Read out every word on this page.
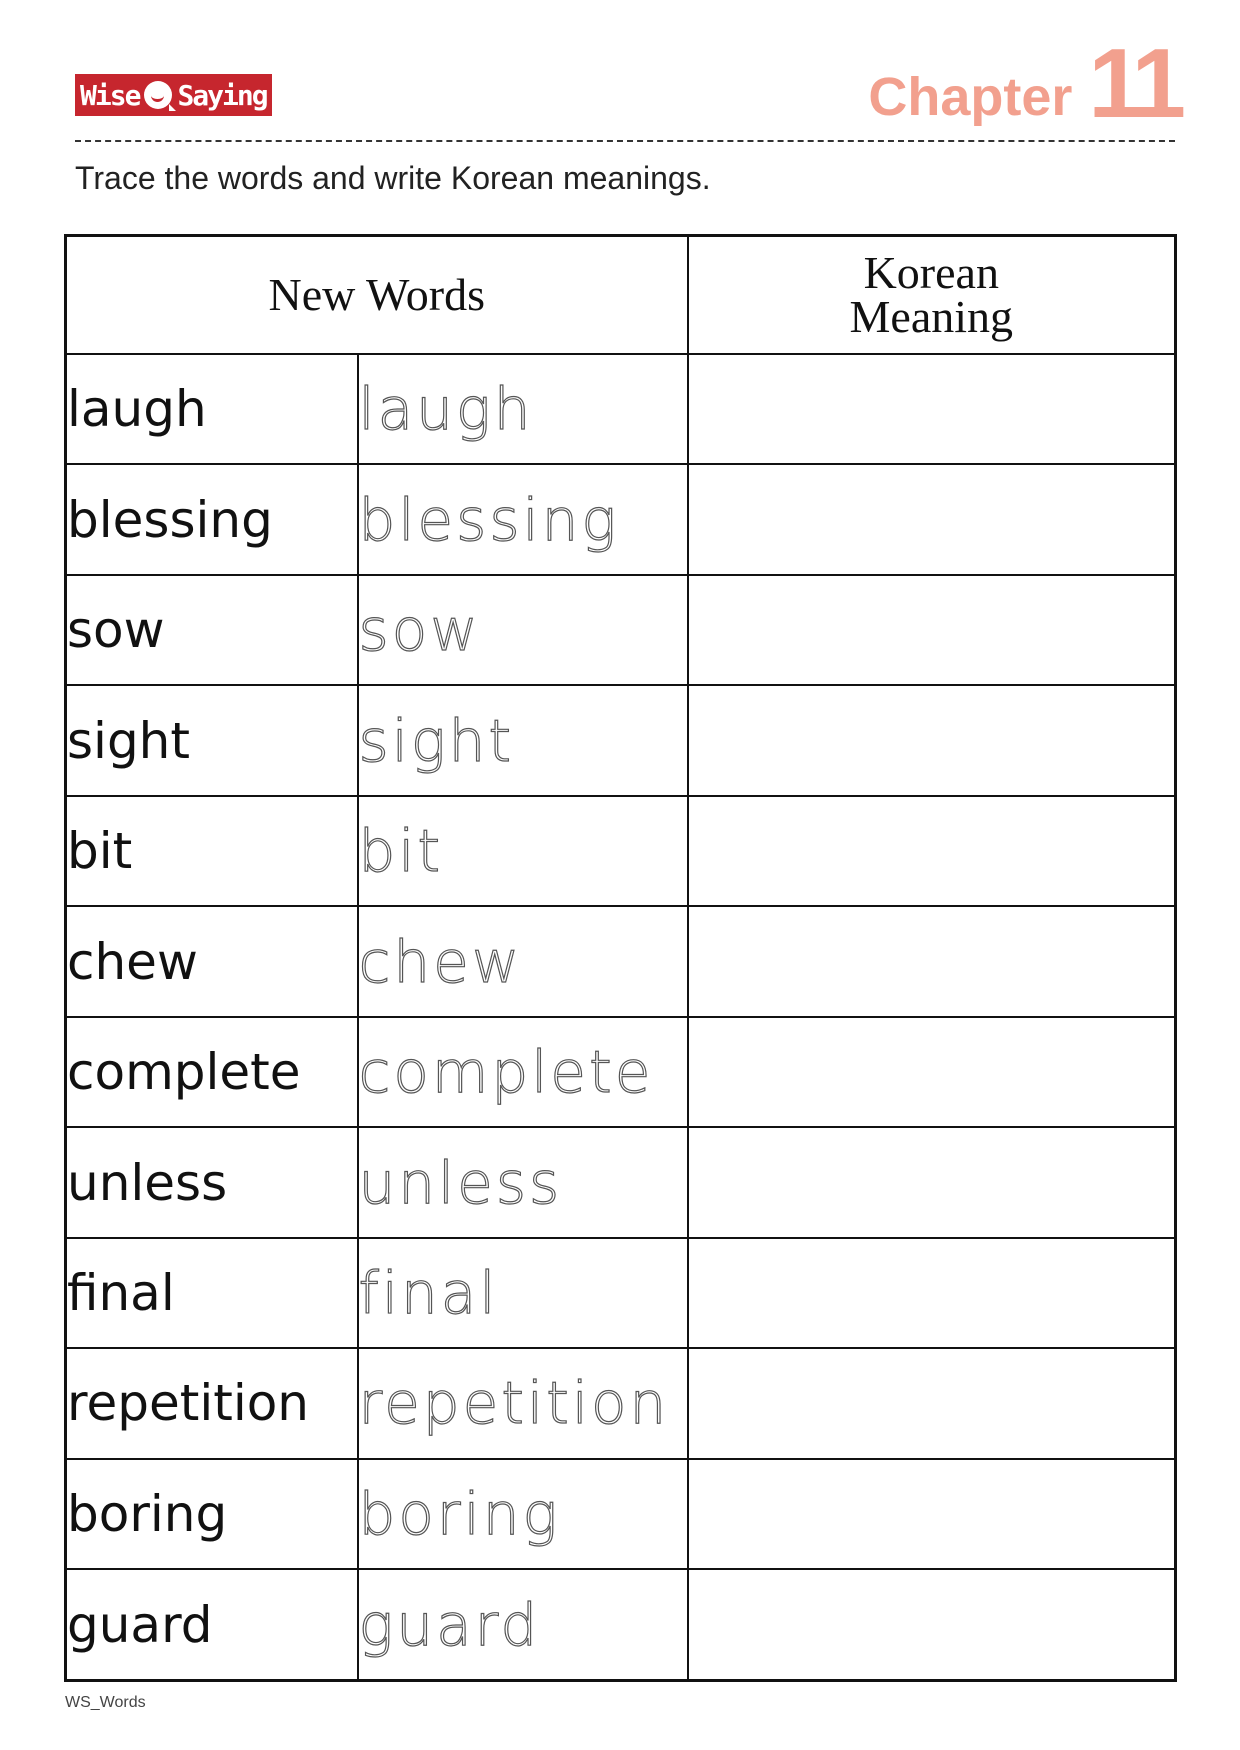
Wise Saying	Chapter 11
Trace the words and write Korean meanings.
New Words		Korean
Meaning
laugh	laugh	
blessing	blessing	
sow	sow	
sight	sight	
bit	bit	
chew	chew	
complete	complete	
unless	unless	
final	final	
repetition	repetition	
boring	boring	
guard	guard	
WS_Words
